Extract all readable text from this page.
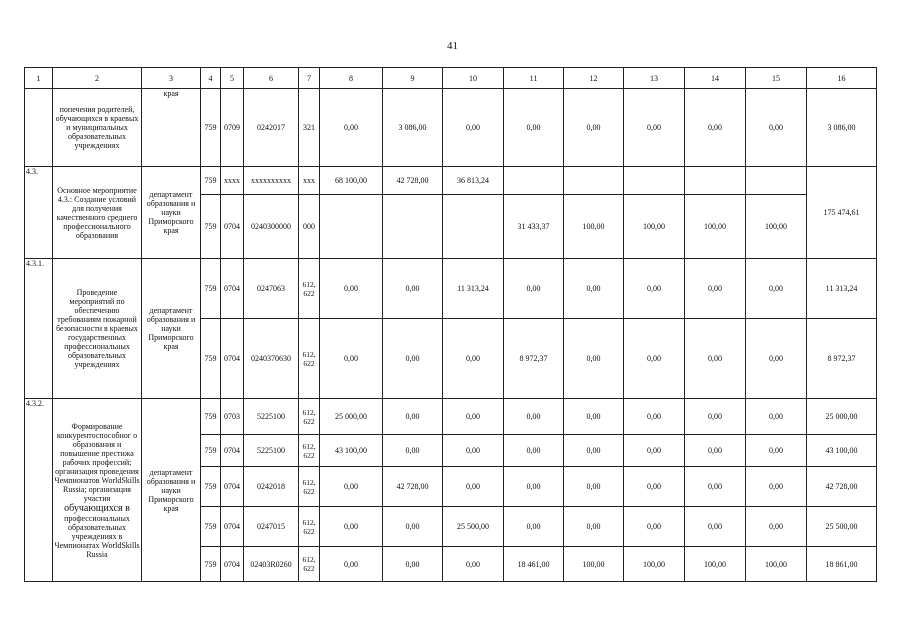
41
1	2	3	4	5	6	7	8	9	10	11	12	13	14	15	16
	попечения родителей, обучающихся в краевых и муниципальных образовательных учреждениях	края	759	0709	0242017	321	0,00	3 086,00	0,00	0,00	0,00	0,00	0,00	0,00	3 086,00
4.3.	Основное мероприятие 4.3.: Создание условий для получения качественного среднего профессионального образования	департамент образования и науки Приморского края	759	xxxx	xxxxxxxxxx	xxx	68 100,00	42 728,00	36 813,24						175 474,61
			759	0704	0240300000	000				31 433,37	100,00	100,00	100,00	100,00	
4.3.1.	Проведение мероприятий по обеспечению требованиям пожарной безопасности в краевых государственных профессиональных образовательных учреждениях	департамент образования и науки Приморского края	759	0704	0247063	612, 622	0,00	0,00	11 313,24	0,00	0,00	0,00	0,00	0,00	11 313,24
			759	0704	0240370630	612, 622	0,00	0,00	0,00	8 972,37	0,00	0,00	0,00	0,00	8 972,37
4.3.2.	Формирование конкурентоспособног о образования и повышение престижа рабочих профессий; организация проведения Чемпионатов WorldSkills Russia; организация участия
обучающихся в
профессиональных образовательных учреждениях в Чемпионатах WorldSkills Russia	департамент образования и науки Приморского края	759	0703	5225100	612, 622	25 000,00	0,00	0,00	0,00	0,00	0,00	0,00	0,00	25 000,00
			759	0704	5225100	612, 622	43 100,00	0,00	0,00	0,00	0,00	0,00	0,00	0,00	43 100,00
			759	0704	0242018	612, 622	0,00	42 728,00	0,00	0,00	0,00	0,00	0,00	0,00	42 728,00
			759	0704	0247015	612, 622	0,00	0,00	25 500,00	0,00	0,00	0,00	0,00	0,00	25 500,00
			759	0704	02403R0260	612, 622	0,00	0,00	0,00	18 461,00	100,00	100,00	100,00	100,00	18 861,00
